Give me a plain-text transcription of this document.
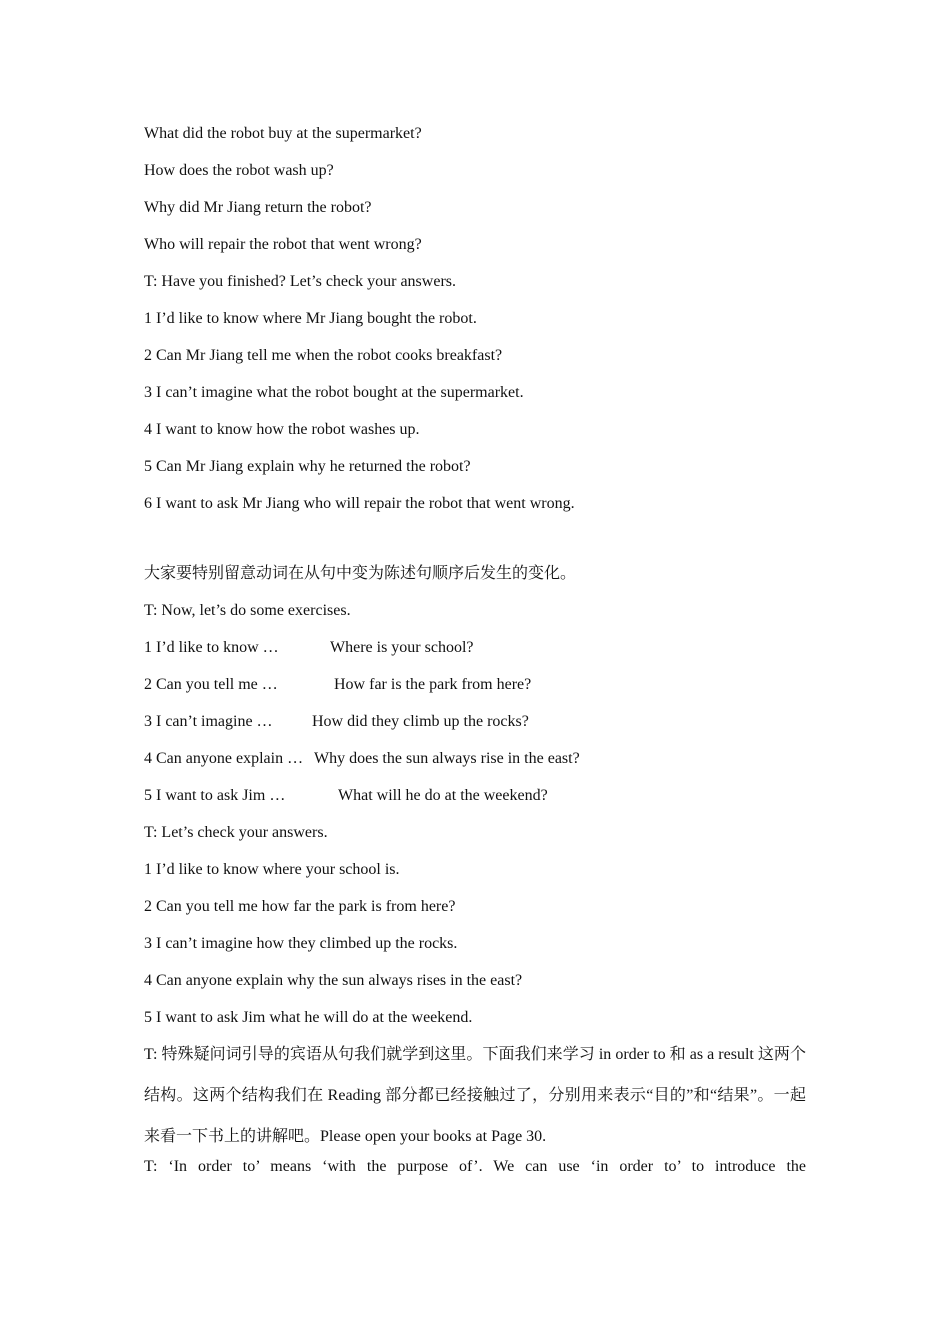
What did the robot buy at the supermarket?
How does the robot wash up?
Why did Mr Jiang return the robot?
Who will repair the robot that went wrong?
T: Have you finished? Let’s check your answers.
1 I’d like to know where Mr Jiang bought the robot.
2 Can Mr Jiang tell me when the robot cooks breakfast?
3 I can’t imagine what the robot bought at the supermarket.
4 I want to know how the robot washes up.
5 Can Mr Jiang explain why he returned the robot?
6 I want to ask Mr Jiang who will repair the robot that went wrong.
大家要特别留意动词在从句中变为陈述句顺序后发生的变化。
T: Now, let’s do some exercises.
1 I’d like to know …	Where is your school?
2 Can you tell me …	How far is the park from here?
3 I can’t imagine … How did they climb up the rocks?
4 Can anyone explain … Why does the sun always rise in the east?
5 I want to ask Jim …	What will he do at the weekend?
T: Let’s check your answers.
1 I’d like to know where your school is.
2 Can you tell me how far the park is from here?
3 I can’t imagine how they climbed up the rocks.
4 Can anyone explain why the sun always rises in the east?
5 I want to ask Jim what he will do at the weekend.
T: 特殊疑问词引导的宾语从句我们就学到这里。下面我们来学习 in order to 和 as a result 这两个结构。这两个结构我们在 Reading 部分都已经接触过了，分别用来表示“目的”和“结果”。一起来看一下书上的讲解吧。Please open your books at Page 30.
T: ‘In order to’ means ‘with the purpose of’. We can use ‘in order to’ to introduce the
